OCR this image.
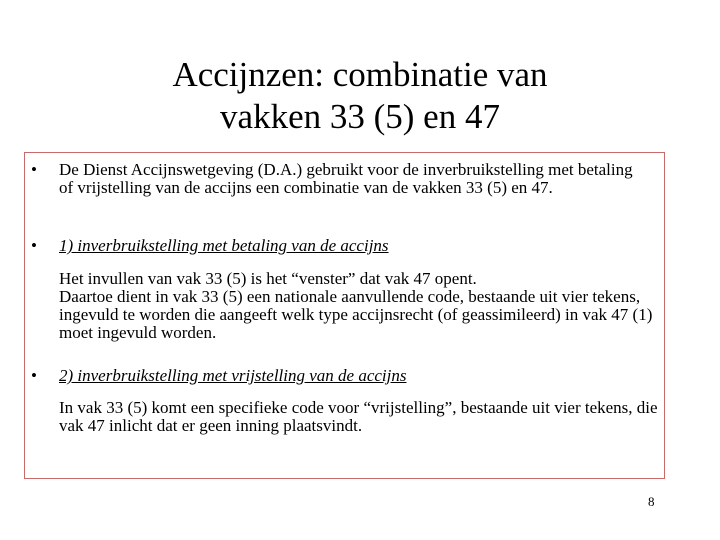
Accijnzen: combinatie van
vakken 33 (5) en 47
•	De Dienst Accijnswetgeving (D.A.) gebruikt voor de inverbruikstelling met betaling of vrijstelling van de accijns een combinatie van de vakken 33 (5) en 47.
•	1) inverbruikstelling met betaling van de accijns
Het invullen van vak 33 (5) is het “venster” dat vak 47 opent.
Daartoe dient in vak 33 (5) een nationale aanvullende code, bestaande uit vier tekens, ingevuld te worden die aangeeft welk type accijnsrecht (of geassimileerd) in vak 47 (1) moet ingevuld worden.
•	2) inverbruikstelling met vrijstelling van de accijns
In vak 33 (5) komt een specifieke code voor “vrijstelling”, bestaande uit vier tekens, die vak 47 inlicht dat er geen inning plaatsvindt.
8
